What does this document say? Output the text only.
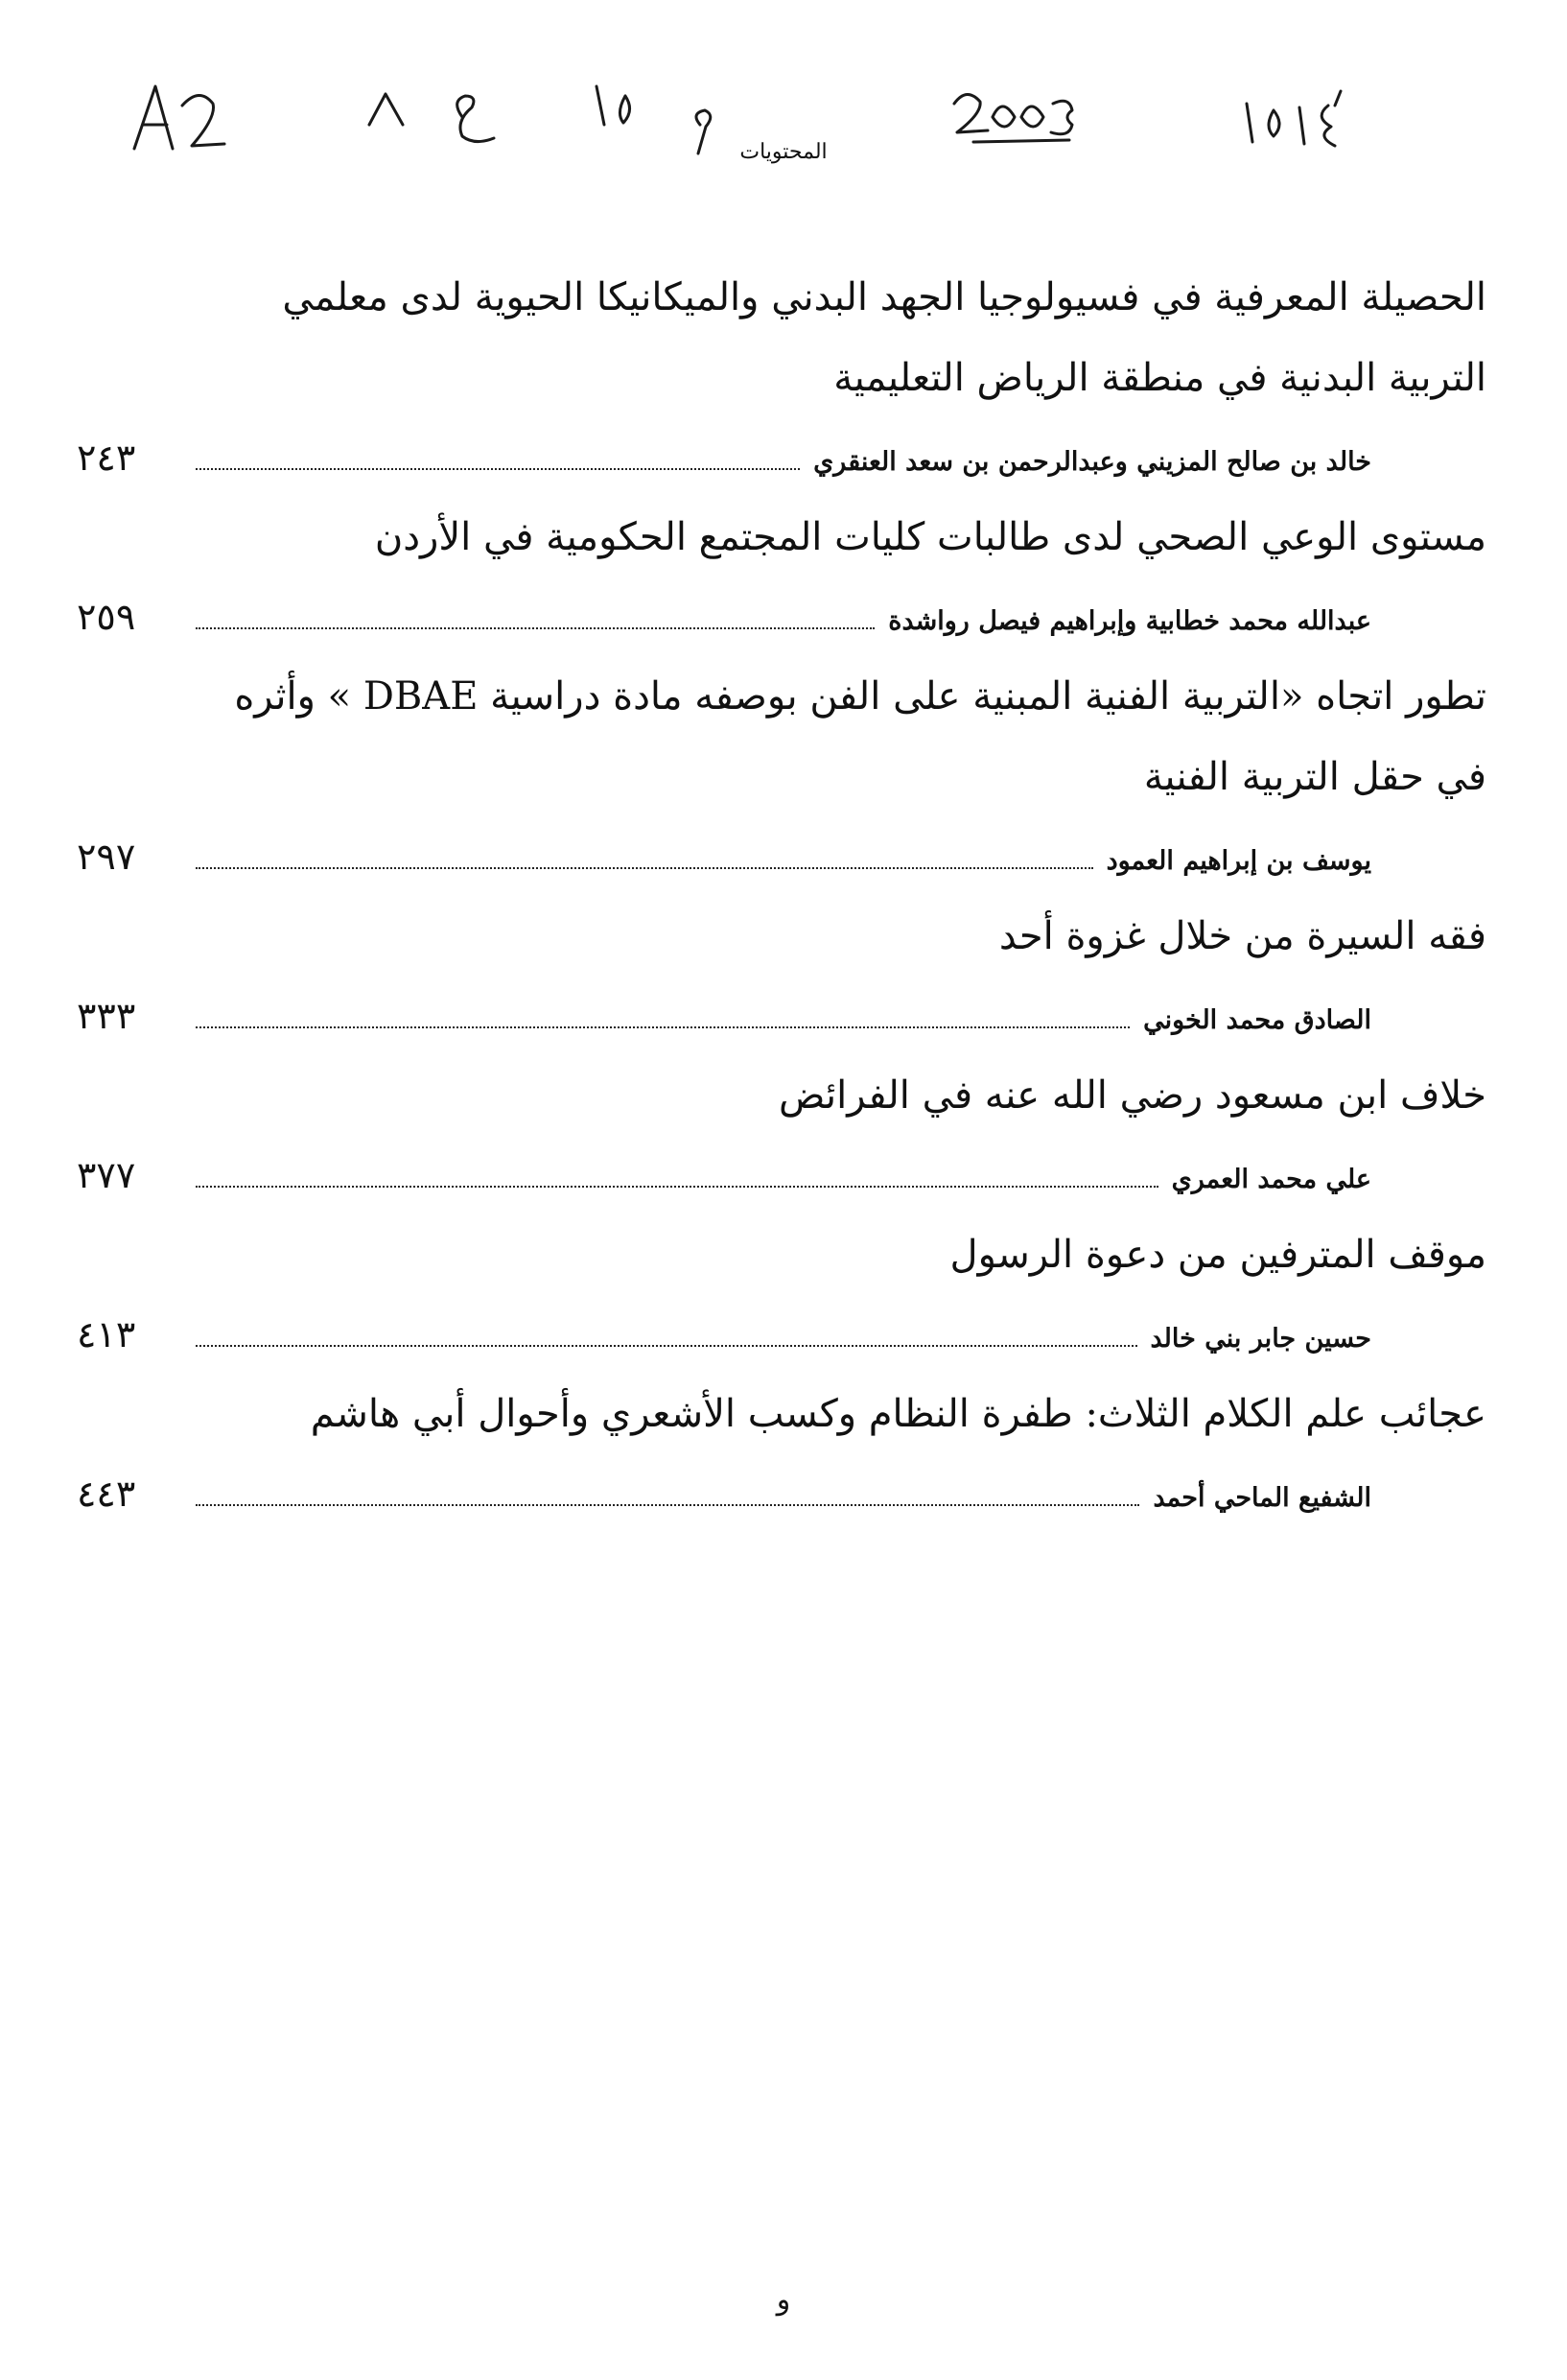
المحتويات

الحصيلة المعرفية في فسيولوجيا الجهد البدني والميكانيكا الحيوية لدى معلمي

التربية البدنية في منطقة الرياض التعليمية

خالد بن صالح المزيني وعبدالرحمن بن سعد العنقري
٢٤٣

مستوى الوعي الصحي لدى طالبات كليات المجتمع الحكومية في الأردن

عبدالله محمد خطابية وإبراهيم فيصل رواشدة
٢٥٩

تطور اتجاه «التربية الفنية المبنية على الفن بوصفه مادة دراسية DBAE » وأثره

في حقل التربية الفنية

يوسف بن إبراهيم العمود
٢٩٧

فقه السيرة من خلال غزوة أحد

الصادق محمد الخوني
٣٣٣

خلاف ابن مسعود رضي الله عنه في الفرائض

علي محمد العمري
٣٧٧

موقف المترفين من دعوة الرسول

حسين جابر بني خالد
٤١٣

عجائب علم الكلام الثلاث: طفرة النظام وكسب الأشعري وأحوال أبي هاشم

الشفيع الماحي أحمد
٤٤٣
و
